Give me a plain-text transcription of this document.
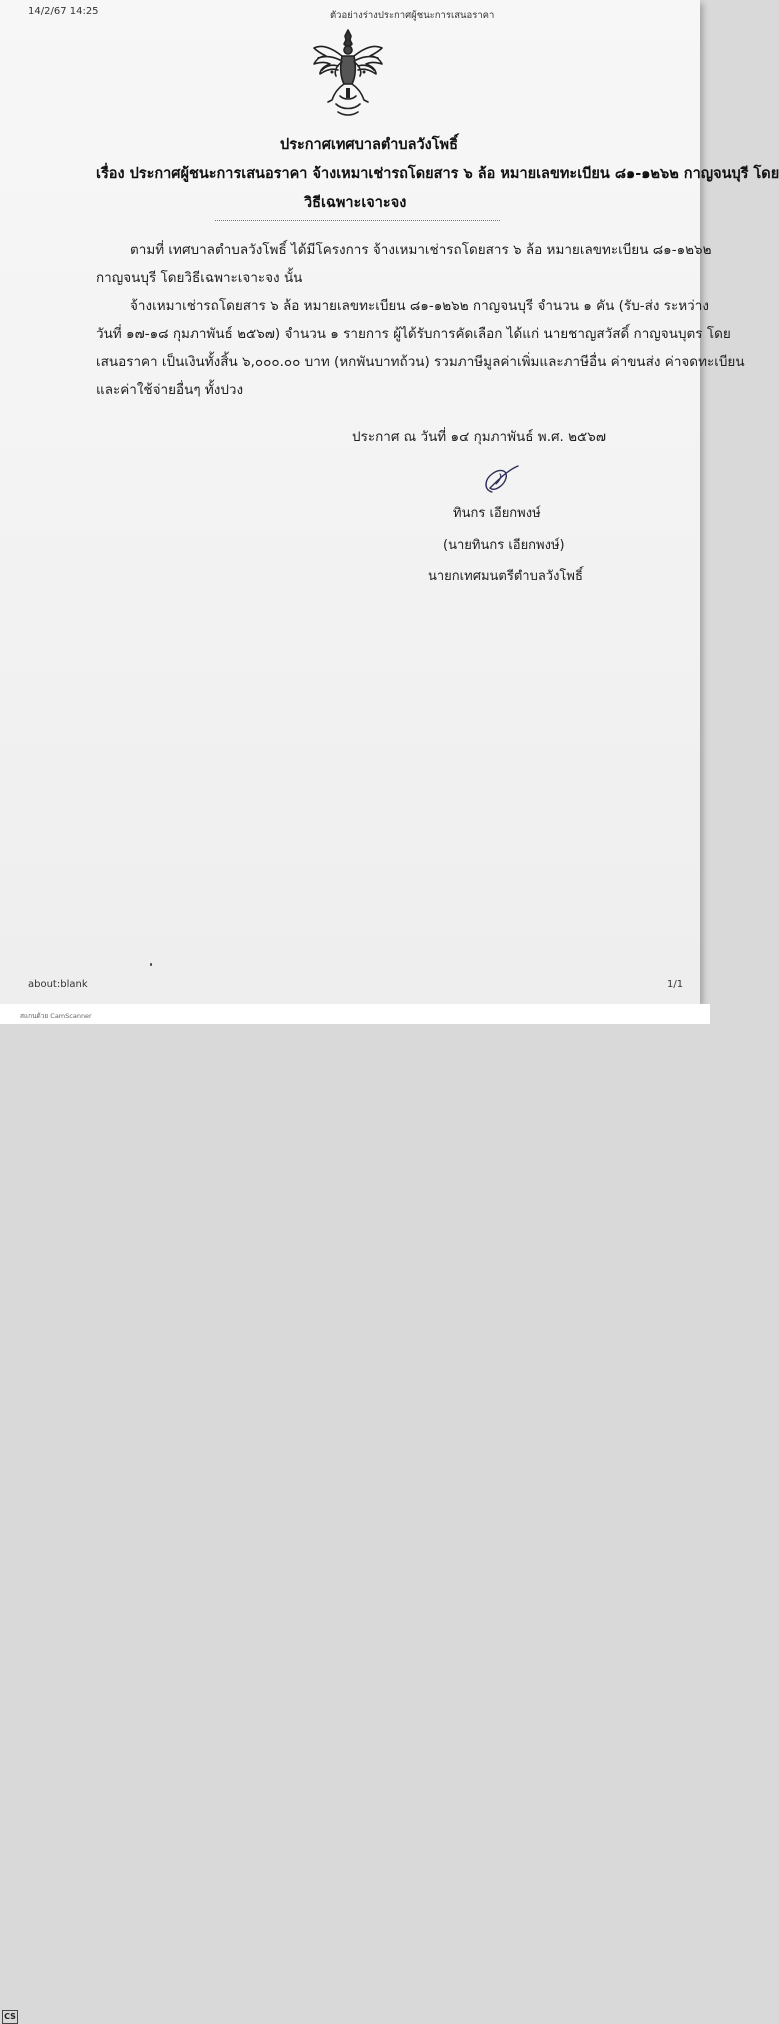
14/2/67 14:25	ตัวอย่างร่างประกาศผู้ชนะการเสนอราคา
ประกาศเทศบาลตำบลวังโพธิ์
เรื่อง ประกาศผู้ชนะการเสนอราคา จ้างเหมาเช่ารถโดยสาร ๖ ล้อ หมายเลขทะเบียน ๘๑-๑๒๖๒ กาญจนบุรี โดย
วิธีเฉพาะเจาะจง
ตามที่ เทศบาลตำบลวังโพธิ์ ได้มีโครงการ จ้างเหมาเช่ารถโดยสาร ๖ ล้อ หมายเลขทะเบียน ๘๑-๑๒๖๒
กาญจนบุรี โดยวิธีเฉพาะเจาะจง นั้น
จ้างเหมาเช่ารถโดยสาร ๖ ล้อ หมายเลขทะเบียน ๘๑-๑๒๖๒ กาญจนบุรี จำนวน ๑ คัน (รับ-ส่ง ระหว่าง
วันที่ ๑๗-๑๘ กุมภาพันธ์ ๒๕๖๗) จำนวน ๑ รายการ ผู้ได้รับการคัดเลือก ได้แก่ นายชาญสวัสดิ์ กาญจนบุตร โดย
เสนอราคา เป็นเงินทั้งสิ้น ๖,๐๐๐.๐๐ บาท (หกพันบาทถ้วน) รวมภาษีมูลค่าเพิ่มและภาษีอื่น ค่าขนส่ง ค่าจดทะเบียน
และค่าใช้จ่ายอื่นๆ ทั้งปวง
ประกาศ ณ วันที่ ๑๔ กุมภาพันธ์ พ.ศ. ๒๕๖๗
ทินกร เอียกพงษ์
(นายทินกร เอียกพงษ์)
นายกเทศมนตรีตำบลวังโพธิ์
about:blank	1/1
CS
สแกนด้วย CamScanner
